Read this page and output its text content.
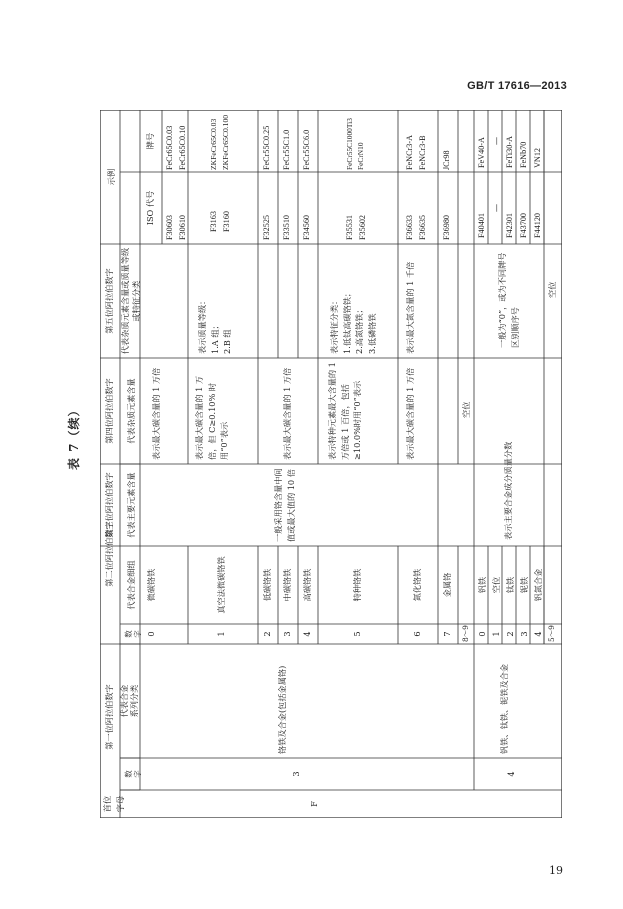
GB/T 17616—2013
19
表 7（续）
首位 字母
第一位阿拉伯数字
数
字
代表合金
系列分类
第二位阿拉伯数字
数
字
代表合金细组
第三位阿拉伯数字 代表主要元素含量
第四位阿拉伯数字 代表杂质元素含量
第五位阿拉伯数字 代表杂质元素含量或质量等级或特征分类
示例
ISO 代号
牌号
F
3
铬铁及合金(包括金属铬)
4
钒铁、钛铁、铌铁及合金
0
微碳铬铁
表示最大碳含量的 1 万倍
F30603 F30610
FeCr65C0.03 FeCr65C0.10
1
真空法微碳铬铁
表示最大碳含量的 1 万倍，但 C≥0.10% 时用“0”表示
表示质量等级： 1.A 组； 2.B 组
F3163 F3160
ZKFeCr65C0.03 ZKFeCr65C0.100
2
低碳铬铁
F32525
FeCr55C0.25
3
中碳铬铁
F33510
FeCr55C1.0
4
高碳铬铁
F34560
FeCr55C6.0
表示最大碳含量的 1 万倍
一般采用铬含量中间值或最大值的 10 倍
5
特种铬铁
表示特种元素最大含量的 1 万倍或 1 百倍，包括≥10.0%时用“0”表示
表示特征分类： 1.低钛高碳铬铁； 2.高氮铬铁； 3.低磷铬铁
F35531 F35602
FeCr55C1000Ti3 FeCrN10
6
氮化铬铁
表示最大碳含量的 1 万倍
表示最大氮含量的 1 千倍
F36633 F36635
FeNCr3-A FeNCr3-B
7
金属铬
F36980
JCr98
8～9
空位
0
钒铁
F40401
FeV40-A
1
空位
—
—
2
钛铁
F42301
FeTi30-A
3
铌铁
F43700
FeNb70
4
钒氮合金
F44120
VN12
5～9
空位
表示主要合金成分质量分数
一般为“0”，或为不同牌号区别顺序号
